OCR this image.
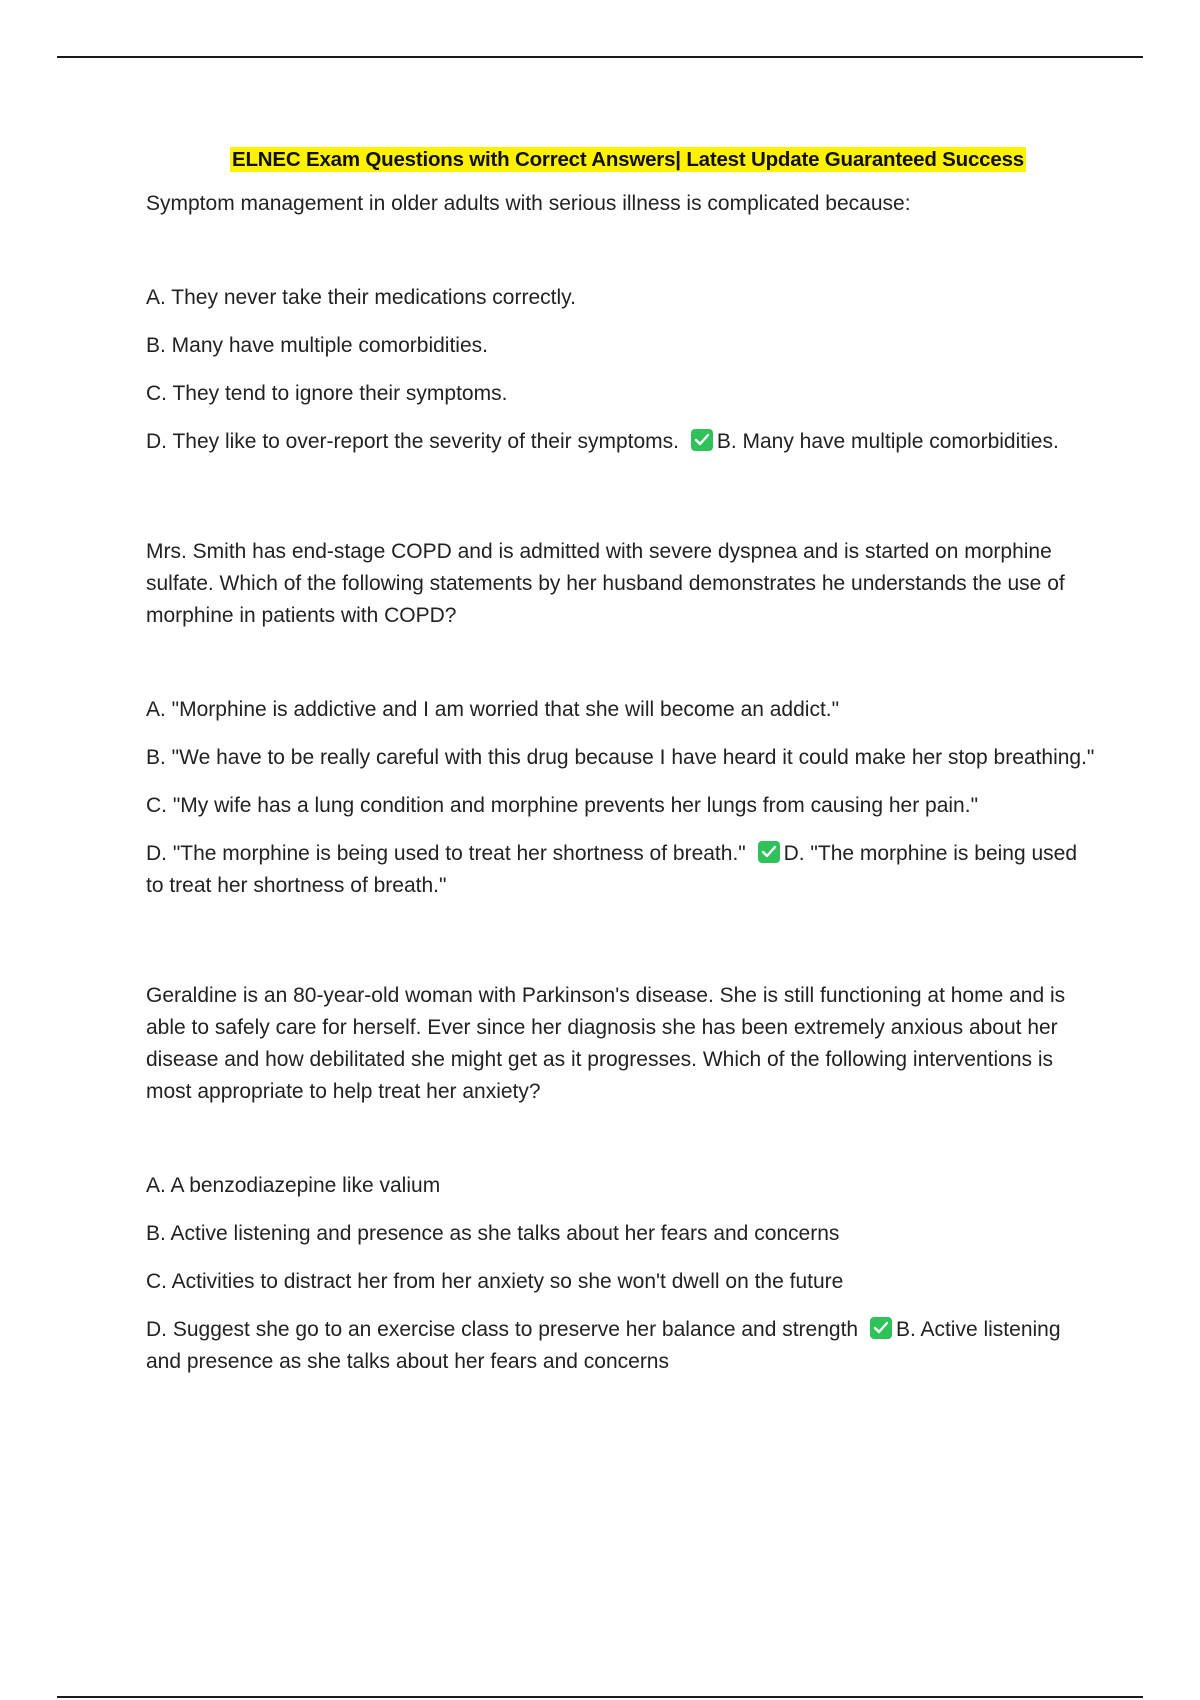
ELNEC Exam Questions with Correct Answers| Latest Update Guaranteed Success

Symptom management in older adults with serious illness is complicated because:

A. They never take their medications correctly.

B. Many have multiple comorbidities.

C. They tend to ignore their symptoms.

D. They like to over-report the severity of their symptoms. B. Many have multiple comorbidities.

Mrs. Smith has end-stage COPD and is admitted with severe dyspnea and is started on morphine sulfate. Which of the following statements by her husband demonstrates he understands the use of morphine in patients with COPD?

A. "Morphine is addictive and I am worried that she will become an addict."

B. "We have to be really careful with this drug because I have heard it could make her stop breathing."

C. "My wife has a lung condition and morphine prevents her lungs from causing her pain."

D. "The morphine is being used to treat her shortness of breath." D. "The morphine is being used to treat her shortness of breath."

Geraldine is an 80-year-old woman with Parkinson's disease. She is still functioning at home and is able to safely care for herself. Ever since her diagnosis she has been extremely anxious about her disease and how debilitated she might get as it progresses. Which of the following interventions is most appropriate to help treat her anxiety?

A. A benzodiazepine like valium

B. Active listening and presence as she talks about her fears and concerns

C. Activities to distract her from her anxiety so she won't dwell on the future

D. Suggest she go to an exercise class to preserve her balance and strength B. Active listening and presence as she talks about her fears and concerns
